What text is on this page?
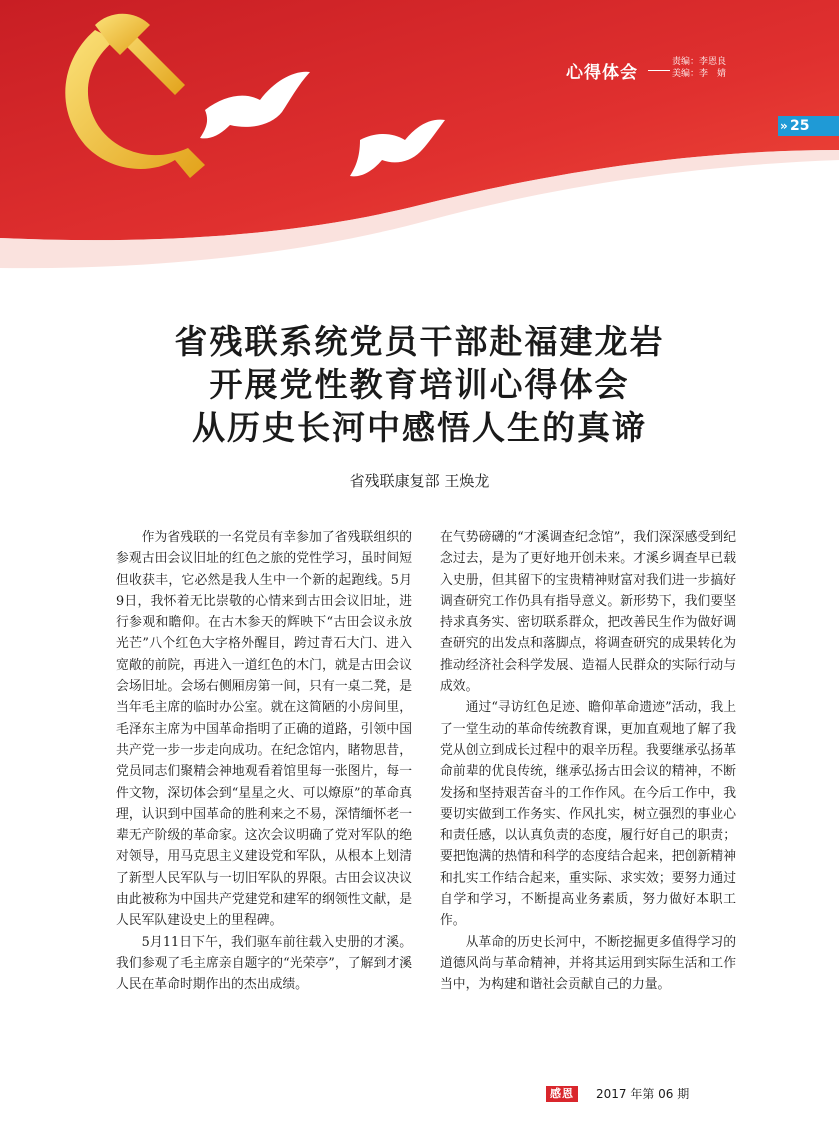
心得体会
责编：李恩良
美编：李　婧
» 25
省残联系统党员干部赴福建龙岩
开展党性教育培训心得体会
从历史长河中感悟人生的真谛
省残联康复部 王焕龙

作为省残联的一名党员有幸参加了省残联组织的参观古田会议旧址的红色之旅的党性学习，虽时间短但收获丰，它必然是我人生中一个新的起跑线。5月9日，我怀着无比崇敬的心情来到古田会议旧址，进行参观和瞻仰。在古木参天的辉映下“古田会议永放光芒”八个红色大字格外醒目，跨过青石大门、进入宽敞的前院，再进入一道红色的木门，就是古田会议会场旧址。会场右侧厢房第一间，只有一桌二凳，是当年毛主席的临时办公室。就在这简陋的小房间里，毛泽东主席为中国革命指明了正确的道路，引领中国共产党一步一步走向成功。在纪念馆内，睹物思昔，党员同志们聚精会神地观看着馆里每一张图片，每一件文物，深切体会到“星星之火、可以燎原”的革命真理，认识到中国革命的胜利来之不易，深情缅怀老一辈无产阶级的革命家。这次会议明确了党对军队的绝对领导，用马克思主义建设党和军队，从根本上划清了新型人民军队与一切旧军队的界限。古田会议决议由此被称为中国共产党建党和建军的纲领性文献，是人民军队建设史上的里程碑。

5月11日下午，我们驱车前往载入史册的才溪。我们参观了毛主席亲自题字的“光荣亭”，了解到才溪人民在革命时期作出的杰出成绩。

在气势磅礴的“才溪调查纪念馆”，我们深深感受到纪念过去，是为了更好地开创未来。才溪乡调查早已载入史册，但其留下的宝贵精神财富对我们进一步搞好调查研究工作仍具有指导意义。新形势下，我们要坚持求真务实、密切联系群众，把改善民生作为做好调查研究的出发点和落脚点，将调查研究的成果转化为推动经济社会科学发展、造福人民群众的实际行动与成效。

通过“寻访红色足迹、瞻仰革命遗迹”活动，我上了一堂生动的革命传统教育课，更加直观地了解了我党从创立到成长过程中的艰辛历程。我要继承弘扬革命前辈的优良传统，继承弘扬古田会议的精神，不断发扬和坚持艰苦奋斗的工作作风。在今后工作中，我要切实做到工作务实、作风扎实，树立强烈的事业心和责任感，以认真负责的态度，履行好自己的职责；要把饱满的热情和科学的态度结合起来，把创新精神和扎实工作结合起来，重实际、求实效；要努力通过自学和学习，不断提高业务素质，努力做好本职工作。

从革命的历史长河中，不断挖掘更多值得学习的道德风尚与革命精神，并将其运用到实际生活和工作当中，为构建和谐社会贡献自己的力量。

感恩	2017 年第 06 期
